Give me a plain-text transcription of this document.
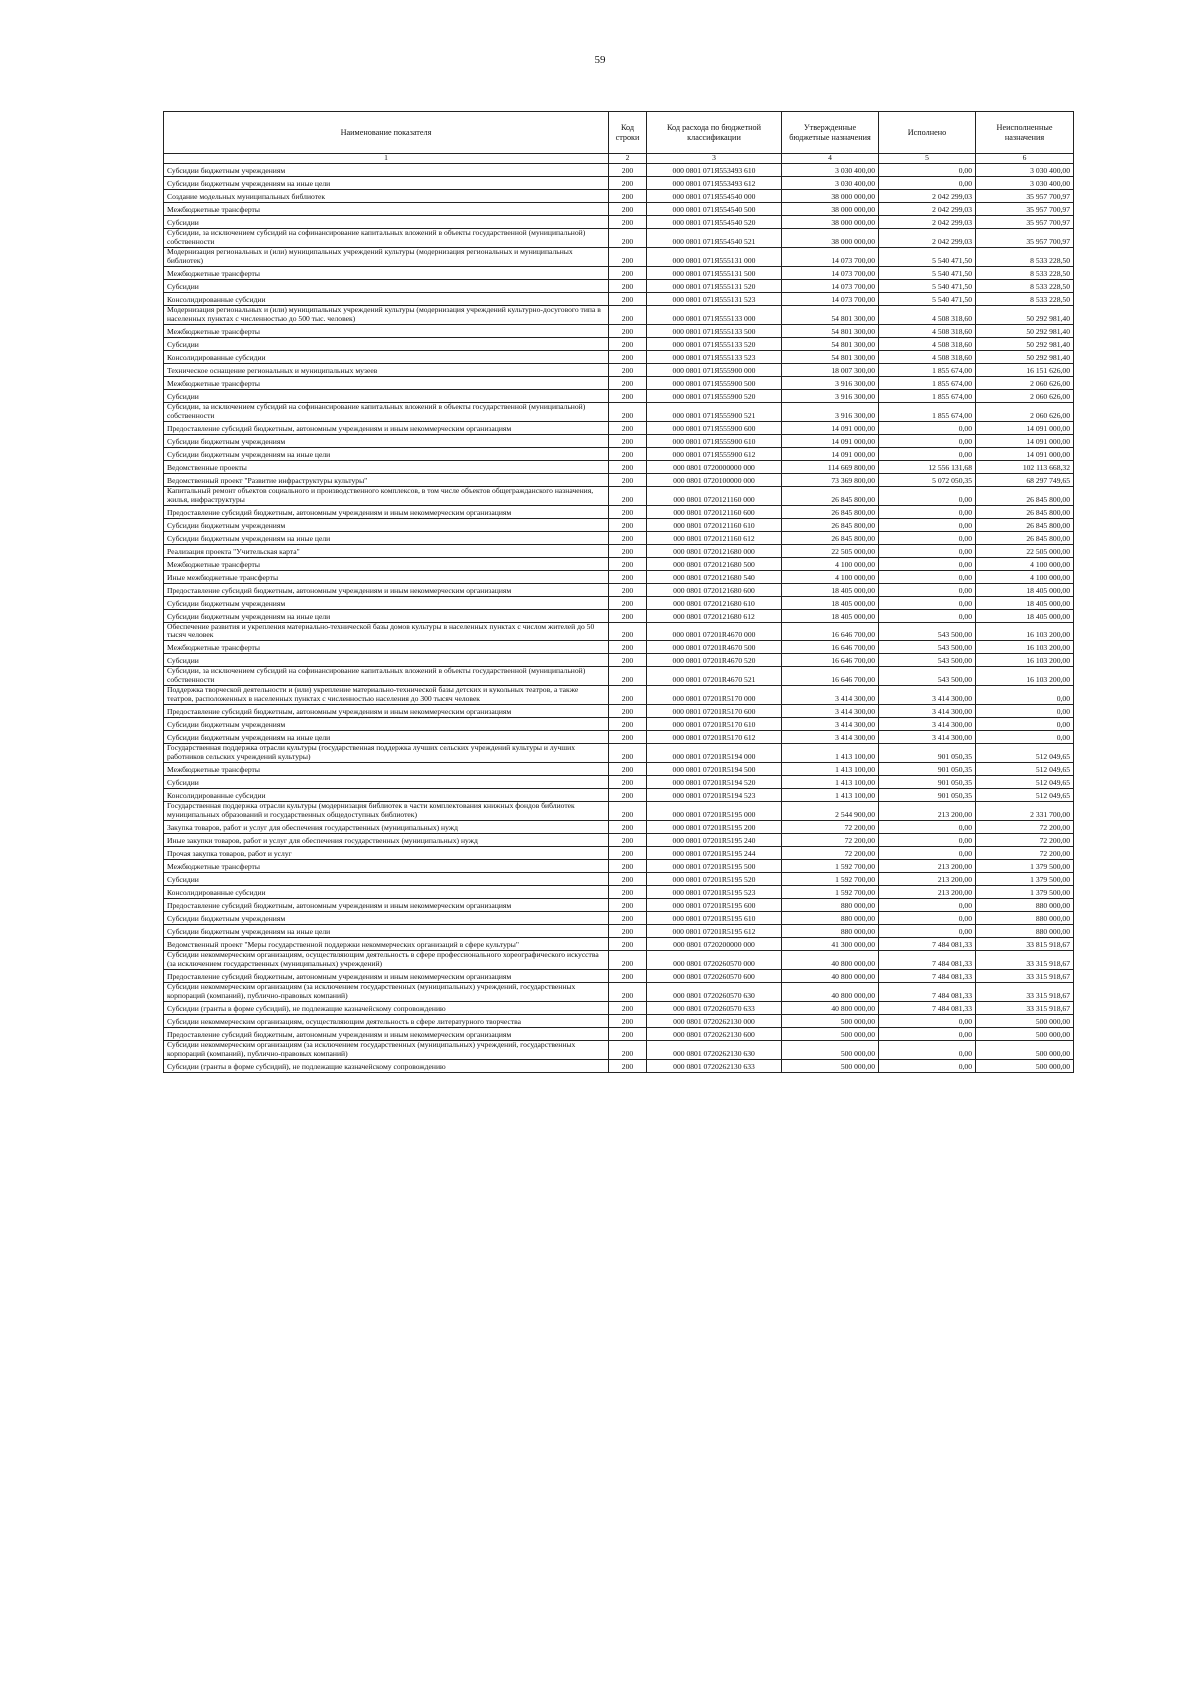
59
Наименование показателя	Код строки	Код расхода по бюджетной классификации	Утвержденные бюджетные назначения	Исполнено	Неисполненные назначения
1	2	3	4	5	6
Субсидии бюджетным учреждениям	200	000 0801 071Я553493 610	3 030 400,00	0,00	3 030 400,00
Субсидии бюджетным учреждениям на иные цели	200	000 0801 071Я553493 612	3 030 400,00	0,00	3 030 400,00
Создание модельных муниципальных библиотек	200	000 0801 071Я554540 000	38 000 000,00	2 042 299,03	35 957 700,97
Межбюджетные трансферты	200	000 0801 071Я554540 500	38 000 000,00	2 042 299,03	35 957 700,97
Субсидии	200	000 0801 071Я554540 520	38 000 000,00	2 042 299,03	35 957 700,97
Субсидии, за исключением субсидий на софинансирование капитальных вложений в объекты государственной (муниципальной) собственности	200	000 0801 071Я554540 521	38 000 000,00	2 042 299,03	35 957 700,97
Модернизация региональных и (или) муниципальных учреждений культуры (модернизация региональных и муниципальных библиотек)	200	000 0801 071Я555131 000	14 073 700,00	5 540 471,50	8 533 228,50
Межбюджетные трансферты	200	000 0801 071Я555131 500	14 073 700,00	5 540 471,50	8 533 228,50
Субсидии	200	000 0801 071Я555131 520	14 073 700,00	5 540 471,50	8 533 228,50
Консолидированные субсидии	200	000 0801 071Я555131 523	14 073 700,00	5 540 471,50	8 533 228,50
Модернизация региональных и (или) муниципальных учреждений культуры (модернизация учреждений культурно-досугового типа в населенных пунктах с численностью до 500 тыс. человек)	200	000 0801 071Я555133 000	54 801 300,00	4 508 318,60	50 292 981,40
Межбюджетные трансферты	200	000 0801 071Я555133 500	54 801 300,00	4 508 318,60	50 292 981,40
Субсидии	200	000 0801 071Я555133 520	54 801 300,00	4 508 318,60	50 292 981,40
Консолидированные субсидии	200	000 0801 071Я555133 523	54 801 300,00	4 508 318,60	50 292 981,40
Техническое оснащение региональных и муниципальных музеев	200	000 0801 071Я555900 000	18 007 300,00	1 855 674,00	16 151 626,00
Межбюджетные трансферты	200	000 0801 071Я555900 500	3 916 300,00	1 855 674,00	2 060 626,00
Субсидии	200	000 0801 071Я555900 520	3 916 300,00	1 855 674,00	2 060 626,00
Субсидии, за исключением субсидий на софинансирование капитальных вложений в объекты государственной (муниципальной) собственности	200	000 0801 071Я555900 521	3 916 300,00	1 855 674,00	2 060 626,00
Предоставление субсидий бюджетным, автономным учреждениям и иным некоммерческим организациям	200	000 0801 071Я555900 600	14 091 000,00	0,00	14 091 000,00
Субсидии бюджетным учреждениям	200	000 0801 071Я555900 610	14 091 000,00	0,00	14 091 000,00
Субсидии бюджетным учреждениям на иные цели	200	000 0801 071Я555900 612	14 091 000,00	0,00	14 091 000,00
Ведомственные проекты	200	000 0801 0720000000 000	114 669 800,00	12 556 131,68	102 113 668,32
Ведомственный проект "Развитие инфраструктуры культуры"	200	000 0801 0720100000 000	73 369 800,00	5 072 050,35	68 297 749,65
Капитальный ремонт объектов социального и производственного комплексов, в том числе объектов общегражданского назначения, жилья, инфраструктуры	200	000 0801 0720121160 000	26 845 800,00	0,00	26 845 800,00
Предоставление субсидий бюджетным, автономным учреждениям и иным некоммерческим организациям	200	000 0801 0720121160 600	26 845 800,00	0,00	26 845 800,00
Субсидии бюджетным учреждениям	200	000 0801 0720121160 610	26 845 800,00	0,00	26 845 800,00
Субсидии бюджетным учреждениям на иные цели	200	000 0801 0720121160 612	26 845 800,00	0,00	26 845 800,00
Реализация проекта "Учительская карта"	200	000 0801 0720121680 000	22 505 000,00	0,00	22 505 000,00
Межбюджетные трансферты	200	000 0801 0720121680 500	4 100 000,00	0,00	4 100 000,00
Иные межбюджетные трансферты	200	000 0801 0720121680 540	4 100 000,00	0,00	4 100 000,00
Предоставление субсидий бюджетным, автономным учреждениям и иным некоммерческим организациям	200	000 0801 0720121680 600	18 405 000,00	0,00	18 405 000,00
Субсидии бюджетным учреждениям	200	000 0801 0720121680 610	18 405 000,00	0,00	18 405 000,00
Субсидии бюджетным учреждениям на иные цели	200	000 0801 0720121680 612	18 405 000,00	0,00	18 405 000,00
Обеспечение развития и укрепления материально-технической базы домов культуры в населенных пунктах с числом жителей до 50 тысяч человек	200	000 0801 07201R4670 000	16 646 700,00	543 500,00	16 103 200,00
Межбюджетные трансферты	200	000 0801 07201R4670 500	16 646 700,00	543 500,00	16 103 200,00
Субсидии	200	000 0801 07201R4670 520	16 646 700,00	543 500,00	16 103 200,00
Субсидии, за исключением субсидий на софинансирование капитальных вложений в объекты государственной (муниципальной) собственности	200	000 0801 07201R4670 521	16 646 700,00	543 500,00	16 103 200,00
Поддержка творческой деятельности и (или) укрепление материально-технической базы детских и кукольных театров, а также театров, расположенных в населенных пунктах с численностью населения до 300 тысяч человек	200	000 0801 07201R5170 000	3 414 300,00	3 414 300,00	0,00
Предоставление субсидий бюджетным, автономным учреждениям и иным некоммерческим организациям	200	000 0801 07201R5170 600	3 414 300,00	3 414 300,00	0,00
Субсидии бюджетным учреждениям	200	000 0801 07201R5170 610	3 414 300,00	3 414 300,00	0,00
Субсидии бюджетным учреждениям на иные цели	200	000 0801 07201R5170 612	3 414 300,00	3 414 300,00	0,00
Государственная поддержка отрасли культуры (государственная поддержка лучших сельских учреждений культуры и лучших работников сельских учреждений культуры)	200	000 0801 07201R5194 000	1 413 100,00	901 050,35	512 049,65
Межбюджетные трансферты	200	000 0801 07201R5194 500	1 413 100,00	901 050,35	512 049,65
Субсидии	200	000 0801 07201R5194 520	1 413 100,00	901 050,35	512 049,65
Консолидированные субсидии	200	000 0801 07201R5194 523	1 413 100,00	901 050,35	512 049,65
Государственная поддержка отрасли культуры (модернизация библиотек в части комплектования книжных фондов библиотек муниципальных образований и государственных общедоступных библиотек)	200	000 0801 07201R5195 000	2 544 900,00	213 200,00	2 331 700,00
Закупка товаров, работ и услуг для обеспечения государственных (муниципальных) нужд	200	000 0801 07201R5195 200	72 200,00	0,00	72 200,00
Иные закупки товаров, работ и услуг для обеспечения государственных (муниципальных) нужд	200	000 0801 07201R5195 240	72 200,00	0,00	72 200,00
Прочая закупка товаров, работ и услуг	200	000 0801 07201R5195 244	72 200,00	0,00	72 200,00
Межбюджетные трансферты	200	000 0801 07201R5195 500	1 592 700,00	213 200,00	1 379 500,00
Субсидии	200	000 0801 07201R5195 520	1 592 700,00	213 200,00	1 379 500,00
Консолидированные субсидии	200	000 0801 07201R5195 523	1 592 700,00	213 200,00	1 379 500,00
Предоставление субсидий бюджетным, автономным учреждениям и иным некоммерческим организациям	200	000 0801 07201R5195 600	880 000,00	0,00	880 000,00
Субсидии бюджетным учреждениям	200	000 0801 07201R5195 610	880 000,00	0,00	880 000,00
Субсидии бюджетным учреждениям на иные цели	200	000 0801 07201R5195 612	880 000,00	0,00	880 000,00
Ведомственный проект "Меры государственной поддержки некоммерческих организаций в сфере культуры"	200	000 0801 0720200000 000	41 300 000,00	7 484 081,33	33 815 918,67
Субсидии некоммерческим организациям, осуществляющим деятельность в сфере профессионального хореографического искусства (за исключением государственных (муниципальных) учреждений)	200	000 0801 0720260570 000	40 800 000,00	7 484 081,33	33 315 918,67
Предоставление субсидий бюджетным, автономным учреждениям и иным некоммерческим организациям	200	000 0801 0720260570 600	40 800 000,00	7 484 081,33	33 315 918,67
Субсидии некоммерческим организациям (за исключением государственных (муниципальных) учреждений, государственных корпораций (компаний), публично-правовых компаний)	200	000 0801 0720260570 630	40 800 000,00	7 484 081,33	33 315 918,67
Субсидии (гранты в форме субсидий), не подлежащие казначейскому сопровождению	200	000 0801 0720260570 633	40 800 000,00	7 484 081,33	33 315 918,67
Субсидии некоммерческим организациям, осуществляющим деятельность в сфере литературного творчества	200	000 0801 0720262130 000	500 000,00	0,00	500 000,00
Предоставление субсидий бюджетным, автономным учреждениям и иным некоммерческим организациям	200	000 0801 0720262130 600	500 000,00	0,00	500 000,00
Субсидии некоммерческим организациям (за исключением государственных (муниципальных) учреждений, государственных корпораций (компаний), публично-правовых компаний)	200	000 0801 0720262130 630	500 000,00	0,00	500 000,00
Субсидии (гранты в форме субсидий), не подлежащие казначейскому сопровождению	200	000 0801 0720262130 633	500 000,00	0,00	500 000,00
